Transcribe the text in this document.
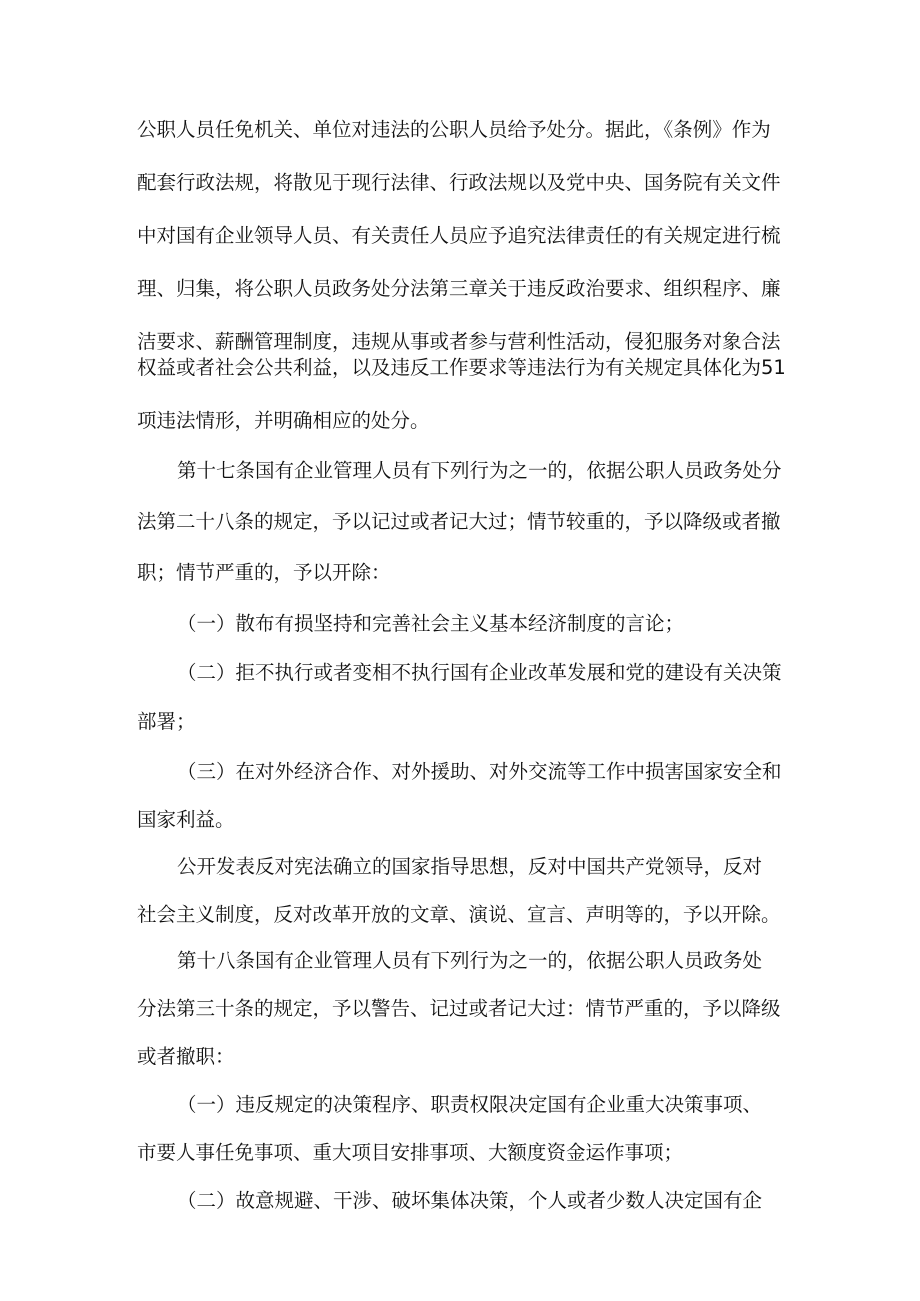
公职人员任免机关、单位对违法的公职人员给予处分。据此，《条例》作为
配套行政法规，将散见于现行法律、行政法规以及党中央、国务院有关文件
中对国有企业领导人员、有关责任人员应予追究法律责任的有关规定进行梳
理、归集，将公职人员政务处分法第三章关于违反政治要求、组织程序、廉
洁要求、薪酬管理制度，违规从事或者参与营利性活动，侵犯服务对象合法
权益或者社会公共利益，以及违反工作要求等违法行为有关规定具体化为51
项违法情形，并明确相应的处分。
第十七条国有企业管理人员有下列行为之一的，依据公职人员政务处分
法第二十八条的规定，予以记过或者记大过；情节较重的，予以降级或者撤
职；情节严重的，予以开除：
（一）散布有损坚持和完善社会主义基本经济制度的言论；
（二）拒不执行或者变相不执行国有企业改革发展和党的建设有关决策
部署；
（三）在对外经济合作、对外援助、对外交流等工作中损害国家安全和
国家利益。
公开发表反对宪法确立的国家指导思想，反对中国共产党领导，反对
社会主义制度，反对改革开放的文章、演说、宣言、声明等的，予以开除。
第十八条国有企业管理人员有下列行为之一的，依据公职人员政务处
分法第三十条的规定，予以警告、记过或者记大过：情节严重的，予以降级
或者撤职：
（一）违反规定的决策程序、职责权限决定国有企业重大决策事项、
市要人事任免事项、重大项目安排事项、大额度资金运作事项；
（二）故意规避、干涉、破坏集体决策，个人或者少数人决定国有企
